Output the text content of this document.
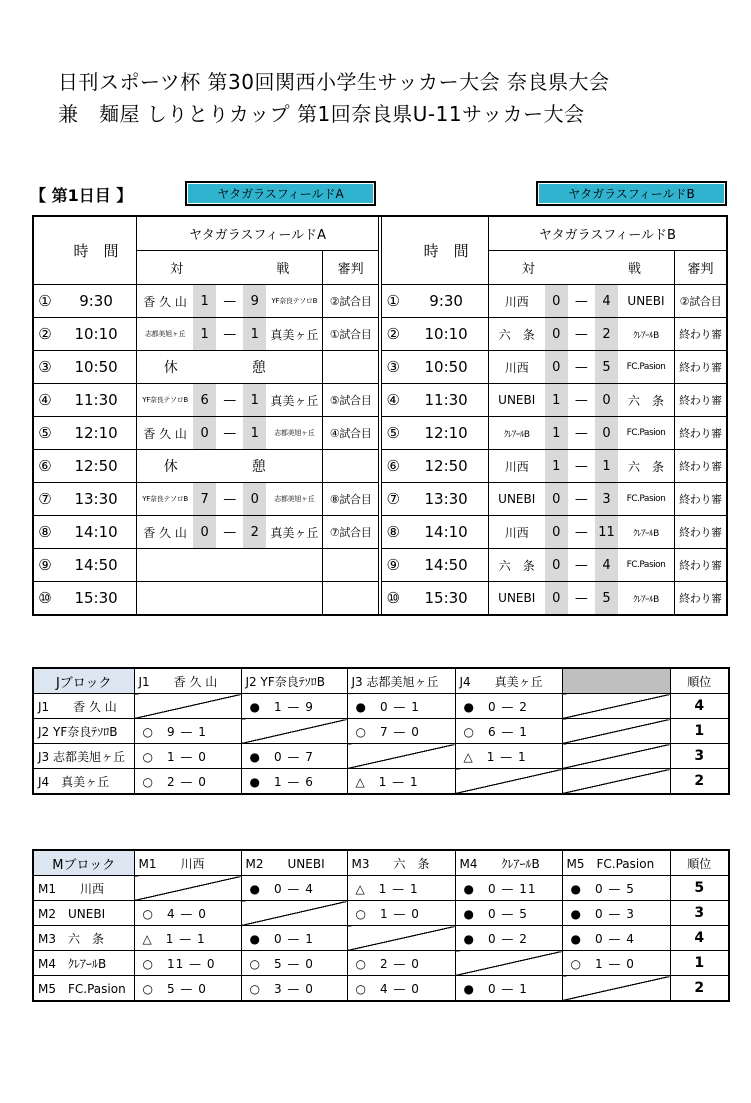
日刊スポーツ杯 第30回関西小学生サッカー大会 奈良県大会
兼　麺屋 しりとりカップ 第1回奈良県U-11サッカー大会
【 第1日目 】	ヤタガラスフィールドA	ヤタガラスフィールドB
	時　間	ヤタガラスフィールドA								時　間	ヤタガラスフィールドB					
		対			戦		審判				対			戦		審判
①	9:30	香 久 山	1	—	9	YF奈良テソロB	②試合目		①	9:30	川西	0	—	4	UNEBI	②試合目
②	10:10	志都美旭ヶ丘	1	—	1	真美ヶ丘	①試合目		②	10:10	六　条	0	—	2	ｸﾚｱｰﾙB	終わり審
③	10:50	休　憩							③	10:50	川西	0	—	5	FC.Pasion	終わり審
④	11:30	YF奈良テソロB	6	—	1	真美ヶ丘	⑤試合目		④	11:30	UNEBI	1	—	0	六　条	終わり審
⑤	12:10	香 久 山	0	—	1	志都美旭ヶ丘	④試合目		⑤	12:10	ｸﾚｱｰﾙB	1	—	0	FC.Pasion	終わり審
⑥	12:50	休　憩							⑥	12:50	川西	1	—	1	六　条	終わり審
⑦	13:30	YF奈良テソロB	7	—	0	志都美旭ヶ丘	⑧試合目		⑦	13:30	UNEBI	0	—	3	FC.Pasion	終わり審
⑧	14:10	香 久 山	0	—	2	真美ヶ丘	⑦試合目		⑧	14:10	川西	0	—	11	ｸﾚｱｰﾙB	終わり審
⑨	14:50								⑨	14:50	六　条	0	—	4	FC.Pasion	終わり審
⑩	15:30								⑩	15:30	UNEBI	0	—	5	ｸﾚｱｰﾙB	終わり審
Jブロック	J1　　香 久 山	J2 YF奈良ﾃｿﾛB	J3 志都美旭ヶ丘	J4　　真美ヶ丘		順位
J1　　香 久 山		●　1 — 9	●　0 — 1	●　0 — 2		4
J2 YF奈良ﾃｿﾛB	○　9 — 1		○　7 — 0	○　6 — 1		1
J3 志都美旭ヶ丘	○　1 — 0	●　0 — 7		△　1 — 1		3
J4　真美ヶ丘	○　2 — 0	●　1 — 6	△　1 — 1			2
Mブロック	M1　　川西	M2　　UNEBI	M3　　六　条	M4　　ｸﾚｱｰﾙB	M5　FC.Pasion	順位
M1　　川西		●　0 — 4	△　1 — 1	●　0 — 11	●　0 — 5	5
M2　UNEBI	○　4 — 0		○　1 — 0	●　0 — 5	●　0 — 3	3
M3　六　条	△　1 — 1	●　0 — 1		●　0 — 2	●　0 — 4	4
M4　ｸﾚｱｰﾙB	○　11 — 0	○　5 — 0	○　2 — 0		○　1 — 0	1
M5　FC.Pasion	○　5 — 0	○　3 — 0	○　4 — 0	●　0 — 1		2
